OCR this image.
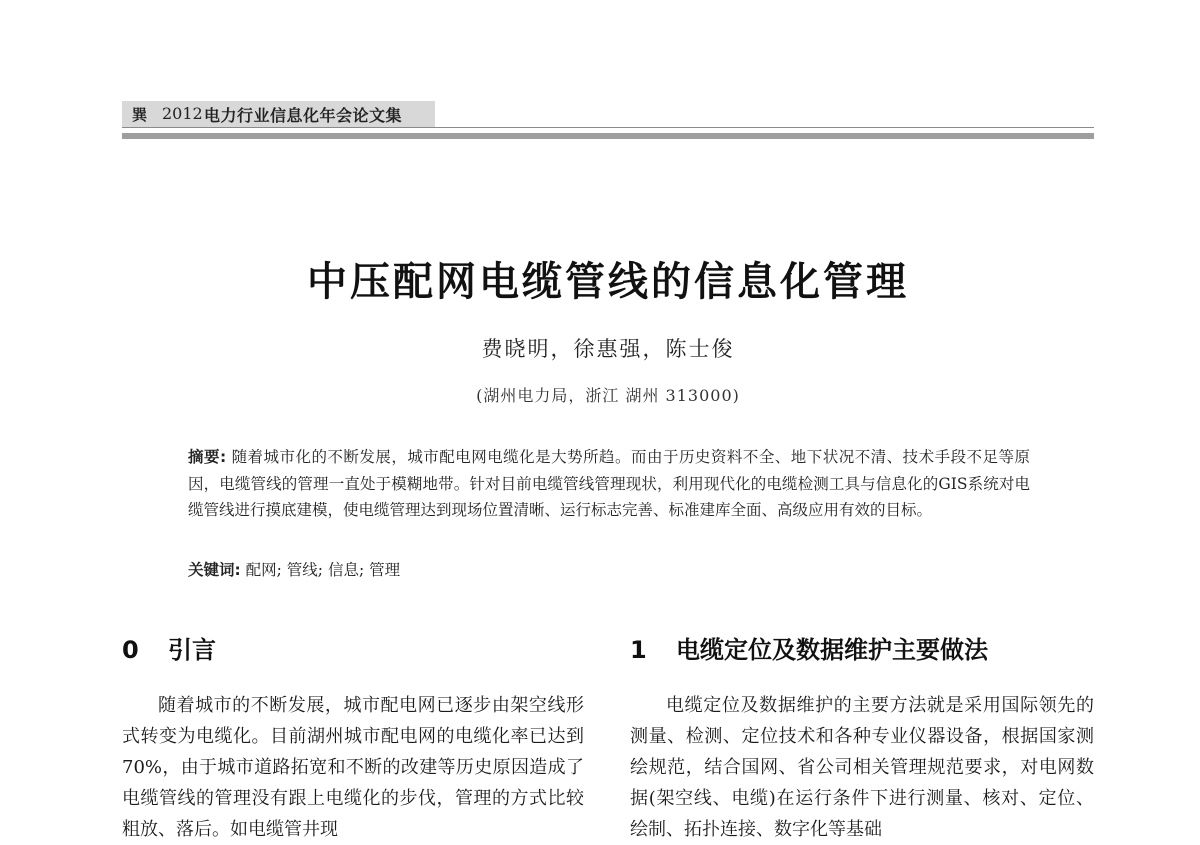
巽 2012 电力行业信息化年会论文集
中压配网电缆管线的信息化管理
费晓明，徐惠强，陈士俊
(湖州电力局，浙江 湖州 313000)
摘要: 随着城市化的不断发展，城市配电网电缆化是大势所趋。而由于历史资料不全、地下状况不清、技术手段不足等原因，电缆管线的管理一直处于模糊地带。针对目前电缆管线管理现状，利用现代化的电缆检测工具与信息化的GIS系统对电缆管线进行摸底建模，使电缆管理达到现场位置清晰、运行标志完善、标准建库全面、高级应用有效的目标。
关键词: 配网; 管线; 信息; 管理
0 引言
随着城市的不断发展，城市配电网已逐步由架空线形式转变为电缆化。目前湖州城市配电网的电缆化率已达到70%，由于城市道路拓宽和不断的改建等历史原因造成了电缆管线的管理没有跟上电缆化的步伐，管理的方式比较粗放、落后。如电缆管井现
1 电缆定位及数据维护主要做法
电缆定位及数据维护的主要方法就是采用国际领先的测量、检测、定位技术和各种专业仪器设备，根据国家测绘规范，结合国网、省公司相关管理规范要求，对电网数据(架空线、电缆)在运行条件下进行测量、核对、定位、绘制、拓扑连接、数字化等基础
